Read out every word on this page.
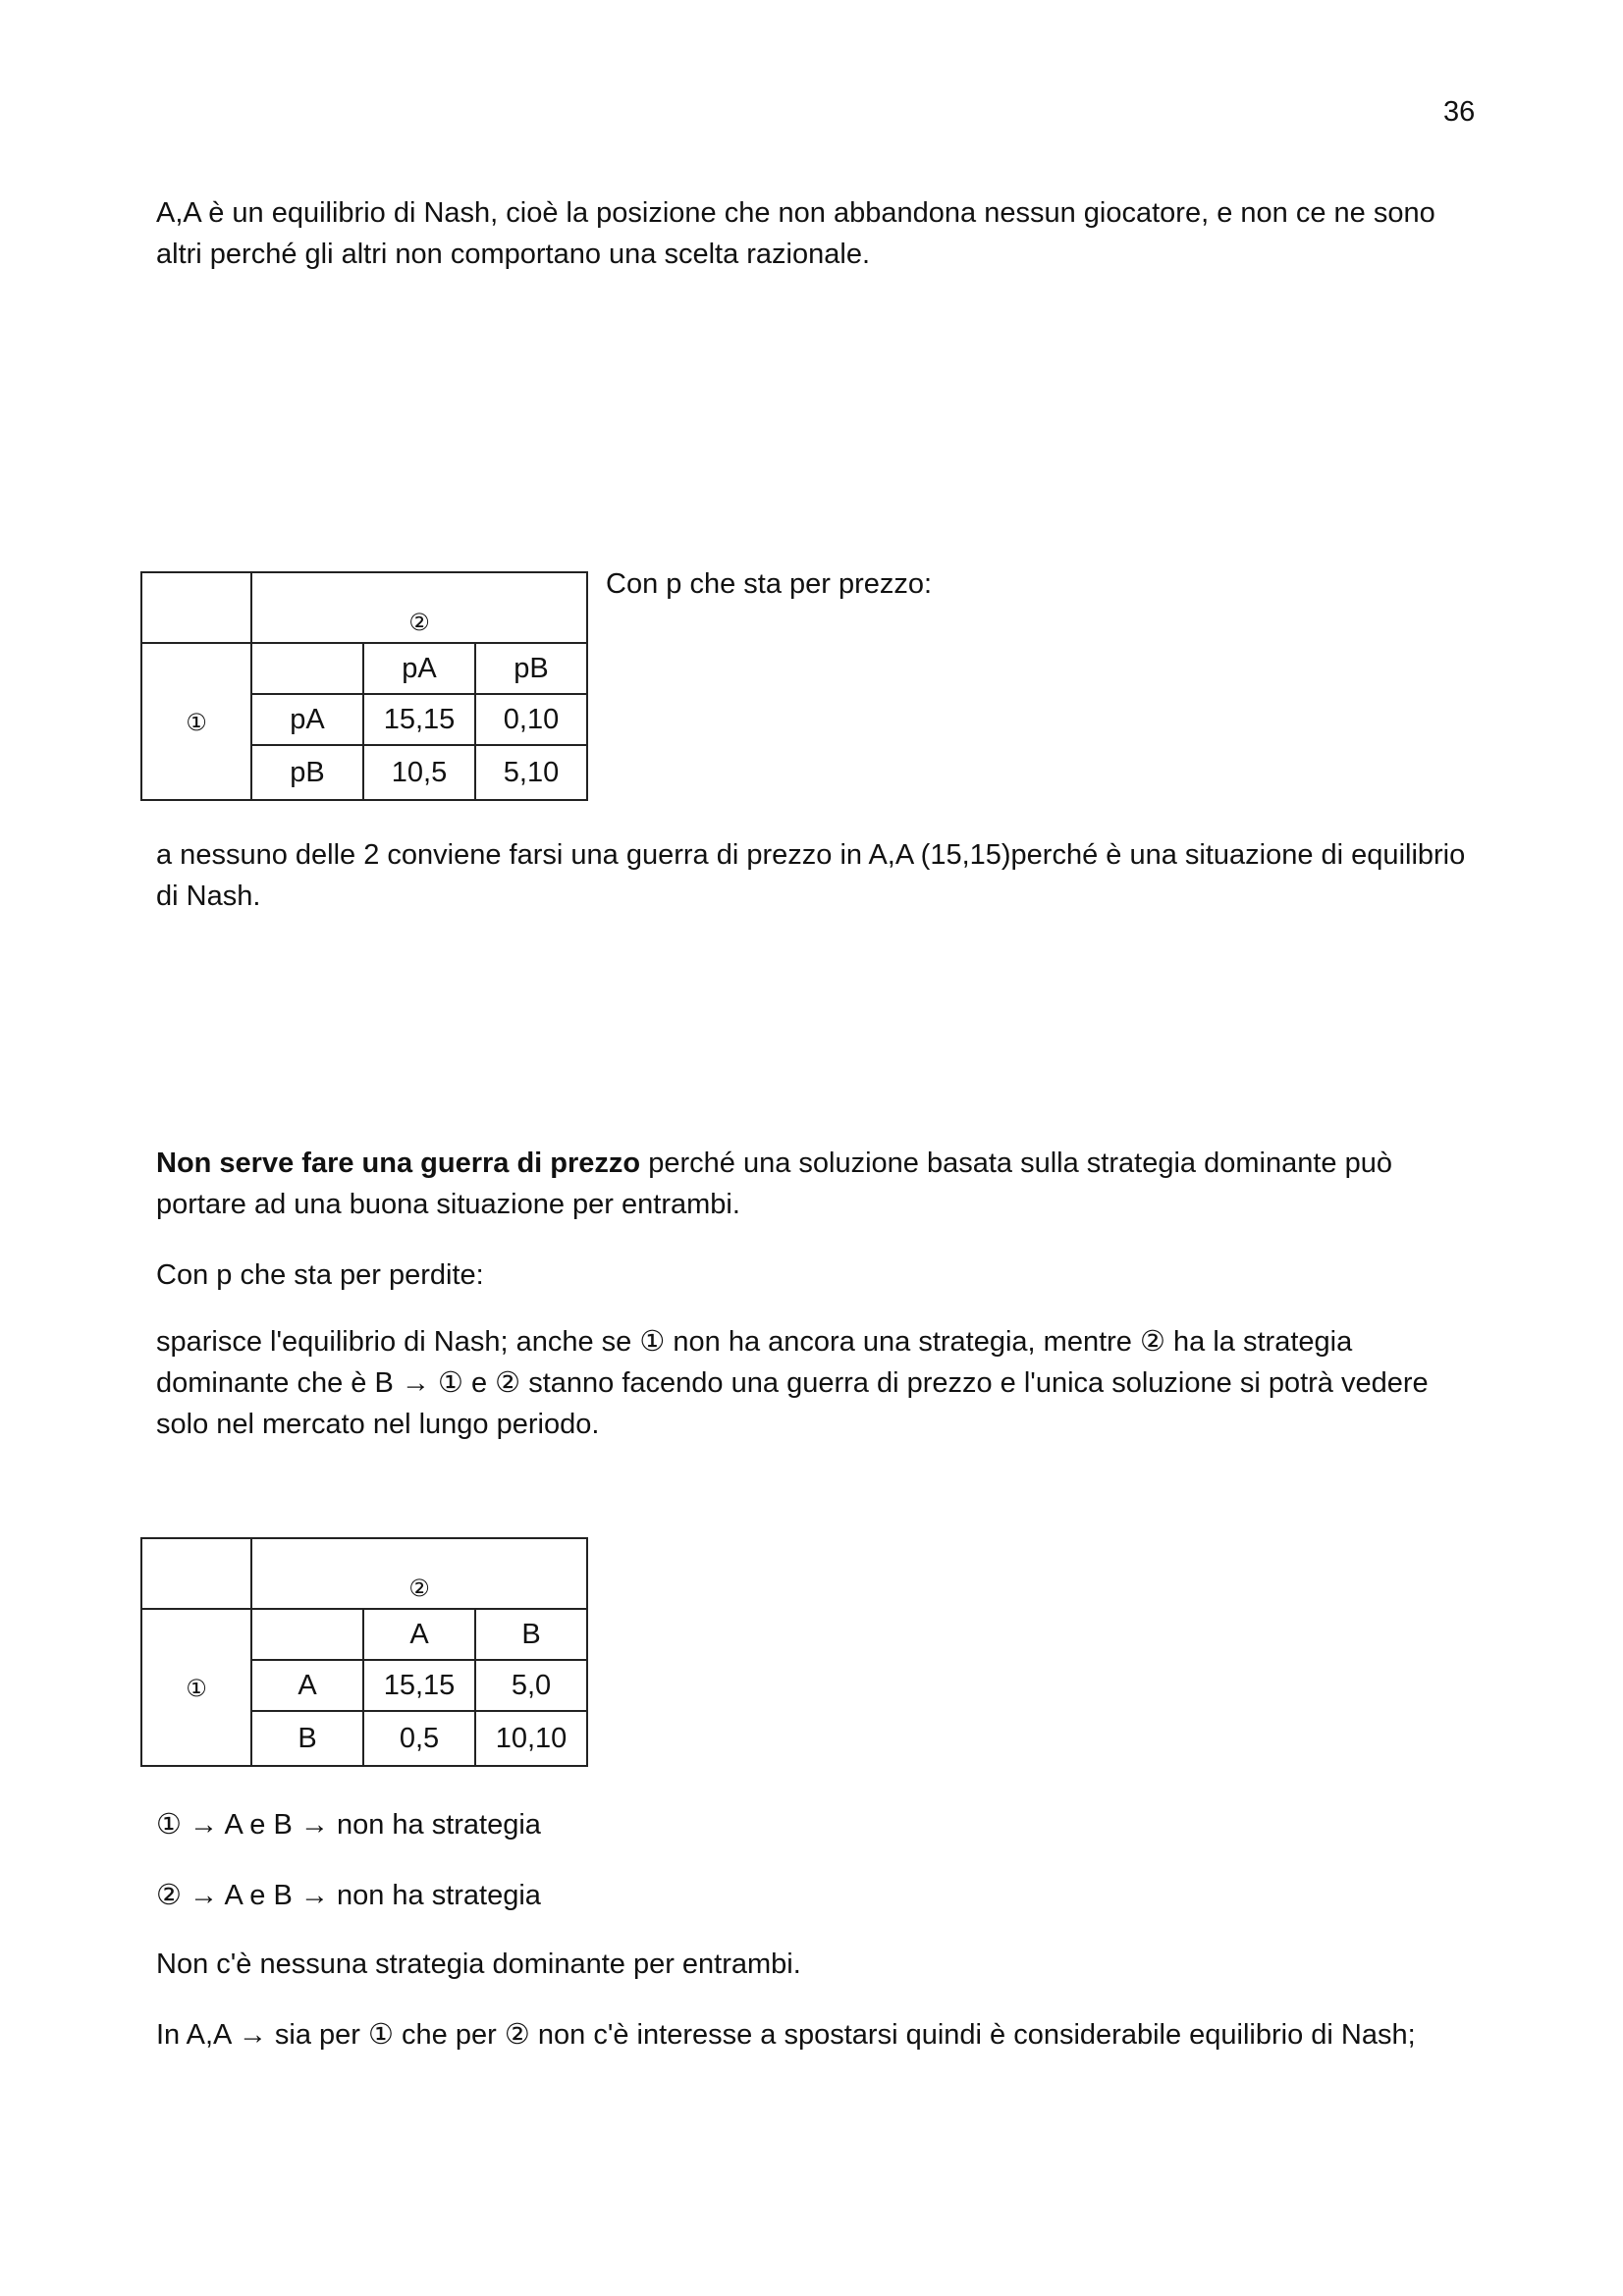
36

A,A è un equilibrio di Nash, cioè la posizione che non abbandona nessun giocatore, e non ce ne sono altri perché gli altri non comportano una scelta razionale.

	②		
①		pA	pB
	pA	15,15	0,10
	pB	10,5	5,10
Con p che sta per prezzo:

a nessuno delle 2 conviene farsi una guerra di prezzo in A,A (15,15)perché è una situazione di equilibrio di Nash.

Non serve fare una guerra di prezzo perché una soluzione basata sulla strategia dominante può portare ad una buona situazione per entrambi.

Con p che sta per perdite:

sparisce l'equilibrio di Nash; anche se ① non ha ancora una strategia, mentre ② ha la strategia dominante che è B → ① e ② stanno facendo una guerra di prezzo e l'unica soluzione si potrà vedere solo nel mercato nel lungo periodo.

	②		
①		A	B
	A	15,15	5,0
	B	0,5	10,10

① → A e B → non ha strategia

② → A e B → non ha strategia

Non c'è nessuna strategia dominante per entrambi.

In A,A → sia per ① che per ② non c'è interesse a spostarsi quindi è considerabile equilibrio di Nash;
